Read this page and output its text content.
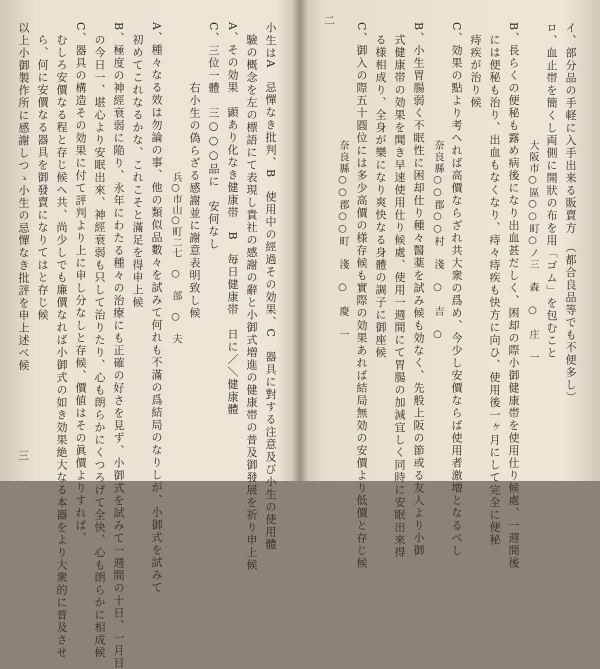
二
イ、部分品の手軽に入手出来る販賣方　（都合良品等でも不便多し）
ロ、血止帯を簡くし両側に開狀の布を用「ゴム」を包むこと
大阪市○區○○町○ノ三　森　○　庄　一
B、長らくの便秘も露め病後になり出血甚だしく、困却の際小御健康帯を使用仕り候處、一週間後
には便秘も治り、出血もなくなり、痔々痔疾も快方に向ひ、使用後一ヶ月にして完全に便秘
痔疾が治り候
C、効果の點より考へれば高價ならざれ共大衆の爲め、今少し安價ならば使用者激増となるべし
奈良縣○○郡○○村　淺　○　吉　○
B、小生胃腸弱く不眠性に困却仕り種々醫薬を試み候も効なく、先般上阪の節或る友人より小御
式健康帯の効果を聞き早速使用仕り候處、使用一週間にて胃腸の加減宜しく同時に安眠出來得
る様相成り、全身が樂になり爽快なる身體の調子に御座候
C、御入の際五十圓位には多少高價の様存候も實際の効果あれば結局無効の安價より低價と存じ候
奈良縣○○郡○○町　淺　○　慶　一
三	小生はA　忌憚なき批判、B　使用中の經過その効果、C　器具に對する注意及び小生の使用體
驗の概念を左の標語にて表現し貴社の感謝の辭と小御式増進の健康帯の普及御發展を祈り申上候
A、その効果　顕あり化なき健康帯　B　毎日健康帯　日に／＼健康體
C、三位一體　三○○○品に　安何なし
右小生の偽らざる感謝並に謝意表明致し候
兵○市山○町二七　○　部　○　夫
A、種々なる效は勿論の事、他の類似品數々を試みて何れも不滿の爲結局のなりしが、小御式を試みて
初めてこれなるかな、これこそと滿足を得申上候
B、極度の神經衰弱に陥り、永年にわたる種々の治療にも正確の好さを見ず、小御式を試みて一週間の十日、一月目
の今日一、堪心より安眠出來、神經衰弱も只して治りたり、心も朗らかにくつろげて全快、心も朗らかに相成候
C、器具の構造その効果に付て評判より上に申し分なしと存候、價値はその眞價よりすれば、
むしろ安價なる程と存じ候へ共、尚少しでも廉價なれば小御式の如き効果絶大なる本器をより大衆的に普及させ
ら、何に安價なる器具を御發賣になりてはと存じ候
以上小御製作所に感謝しつゝ小生の忌憚なき批評を申上述べ候
